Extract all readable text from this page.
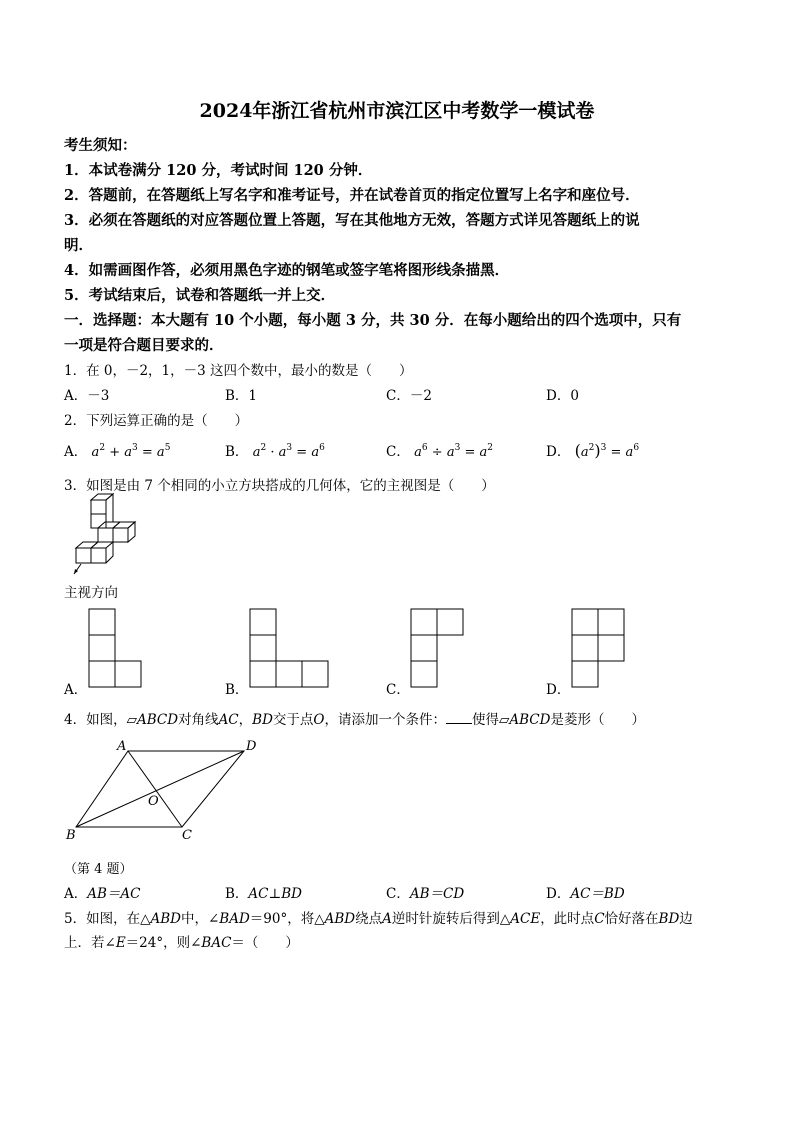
2024年浙江省杭州市滨江区中考数学一模试卷
考生须知：
1．本试卷满分 120 分，考试时间 120 分钟．
2．答题前，在答题纸上写名字和准考证号，并在试卷首页的指定位置写上名字和座位号．
3．必须在答题纸的对应答题位置上答题，写在其他地方无效，答题方式详见答题纸上的说
明．
4．如需画图作答，必须用黑色字迹的钢笔或签字笔将图形线条描黑．
5．考试结束后，试卷和答题纸一并上交．
一．选择题：本大题有 10 个小题，每小题 3 分，共 30 分．在每小题给出的四个选项中，只有
一项是符合题目要求的．
1．在 0，－2，1，－3 这四个数中，最小的数是（　　）
A．－3	B．1	C．－2	D．0
2．下列运算正确的是（　　）
A． $a^2 + a^3 = a^5$	B． $a^2 \cdot a^3 = a^6$	C． $a^6 \div a^3 = a^2$	D． $(a^2)^3 = a^6$
3．如图是由 7 个相同的小立方块搭成的几何体，它的主视图是（　　）
主视方向
A．	B．	C．	D．
4．如图，▱ABCD对角线AC，BD交于点O，请添加一个条件： 使得▱ABCD是菱形（　　）
A	D
O
B	C
（第 4 题）
A．AB＝AC	B．AC⊥BD	C．AB＝CD	D．AC＝BD
5．如图，在△ABD中，∠BAD＝90°，将△ABD绕点A逆时针旋转后得到△ACE，此时点C恰好落在BD边
上．若∠E＝24°，则∠BAC＝（　　）
